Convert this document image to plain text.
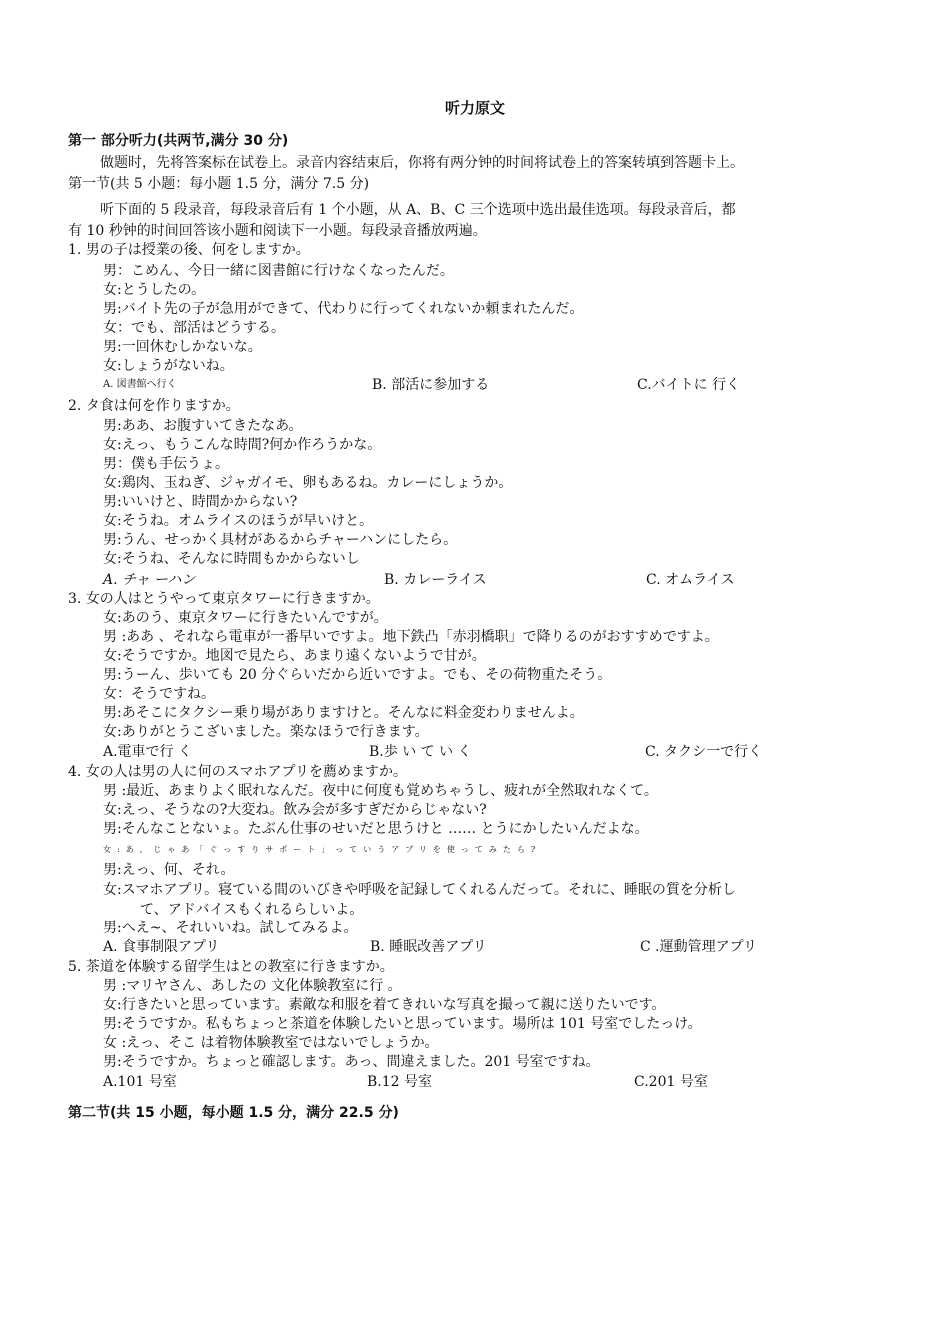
听力原文
第一 部分听力(共两节,满分 30 分)
做题时，先将答案标在试卷上。录音内容结束后，你将有两分钟的时间将试卷上的答案转填到答题卡上。
第一节(共 5 小题：每小题 1.5 分，满分 7.5 分)
听下面的 5 段录音，每段录音后有 1 个小题，从 A、B、C 三个选项中选出最佳选项。每段录音后，都
有 10 秒钟的时间回答该小题和阅读下一小题。每段录音播放两遍。
1. 男の子は授業の後、何をしますか。
男：こめん、今日一緒に図書館に行けなくなったんだ。
女:とうしたの。
男:バイト先の子が急用ができて、代わりに行ってくれないか頼まれたんだ。
女：でも、部活はどうする。
男:一回休むしかないな。
女:しょうがないね。
A. 図書館へ行く	B. 部活に参加する	C.バイトに 行く
2. タ食は何を作りますか。
男:ああ、お腹すいてきたなあ。
女:えっ、もうこんな時間?何か作ろうかな。
男：僕も手伝うょ。
女:鶏肉、玉ねぎ、ジャガイモ、卵もあるね。カレーにしょうか。
男:いいけと、時間かからない?
女:そうね。オムライスのほうが早いけと。
男:うん、せっかく具材があるからチャーハンにしたら。
女:そうね、そんなに時間もかからないし
A. チャ ーハン	B. カレーライス	C. オムライス
3. 女の人はとうやって東京タワーに行きますか。
女:あのう、東京タワーに行きたいんですが。
男 :ああ 、それなら電車が一番早いですよ。地下鉄凸「赤羽橋职」で降りるのがおすすめですよ。
女:そうですか。地図で見たら、あまり遠くないようで甘が。
男:うーん、歩いても 20 分ぐらいだから近いですよ。でも、その荷物重たそう。
女：そうですね。
男:あそこにタクシー乗り場がありますけと。そんなに料金変わりませんよ。
女:ありがとうこざいました。楽なほうで行きます。
A.電車で行 く	B.歩 い て い く	C. タクシ一で行く
4. 女の人は男の人に何のスマホアプリを薦めますか。
男 :最近、あまりよく眠れなんだ。夜中に何度も覚めちゃうし、疲れが全然取れなくて。
女:えっ、そうなの?大変ね。飲み会が多すぎだからじゃない?
男:そんなことないょ。たぶん仕事のせいだと思うけと …… とうにかしたいんだよな。
女:あ、じゃあ「ぐっすりサポート」っていうアプリを使ってみたら?
男:えっ、何、それ。
女:スマホアプリ。寝ている間のいびきや呼吸を記録してくれるんだって。それに、睡眠の質を分析し
て、アドバイスもくれるらしいよ。
男:へえ~、それいいね。試してみるよ。
A. 食事制限アプリ	B. 睡眠改善アプリ	C .運動管理アプリ
5. 茶道を体験する留学生はとの教室に行きますか。
男 :マリヤさん、あしたの 文化体験教室に行 。
女:行きたいと思っています。素敵な和服を着てきれいな写真を撮って親に送りたいです。
男:そうですか。私もちょっと茶道を体験したいと思っています。場所は 101 号室でしたっけ。
女 :えっ、そこ は着物体験教室ではないでしょうか。
男:そうですか。ちょっと確認します。あっ、間違えました。201 号室ですね。
A.101 号室	B.12 号室	C.201 号室
第二节(共 15 小题，每小题 1.5 分，满分 22.5 分)
